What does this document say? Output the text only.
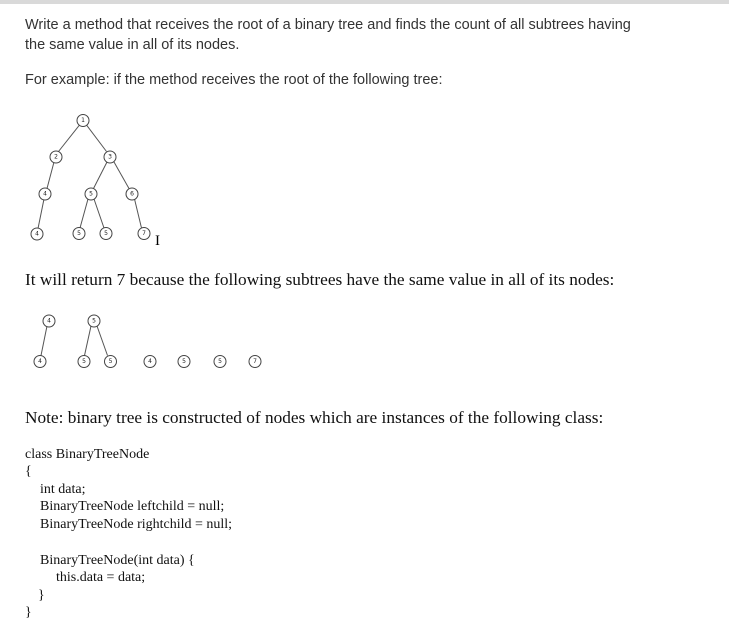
Write a method that receives the root of a binary tree and finds the count of all subtrees having
the same value in all of its nodes.
For example: if the method receives the root of the following tree:
1
2	3
4	5	6
4	5	5	7 I
It will return 7 because the following subtrees have the same value in all of its nodes:
4
4
5
5	5	4	5	5	7
Note: binary tree is constructed of nodes which are instances of the following class:
class BinaryTreeNode
{
int data;
BinaryTreeNode leftchild = null;
BinaryTreeNode rightchild = null;
BinaryTreeNode(int data) {
this.data = data;
}
}
